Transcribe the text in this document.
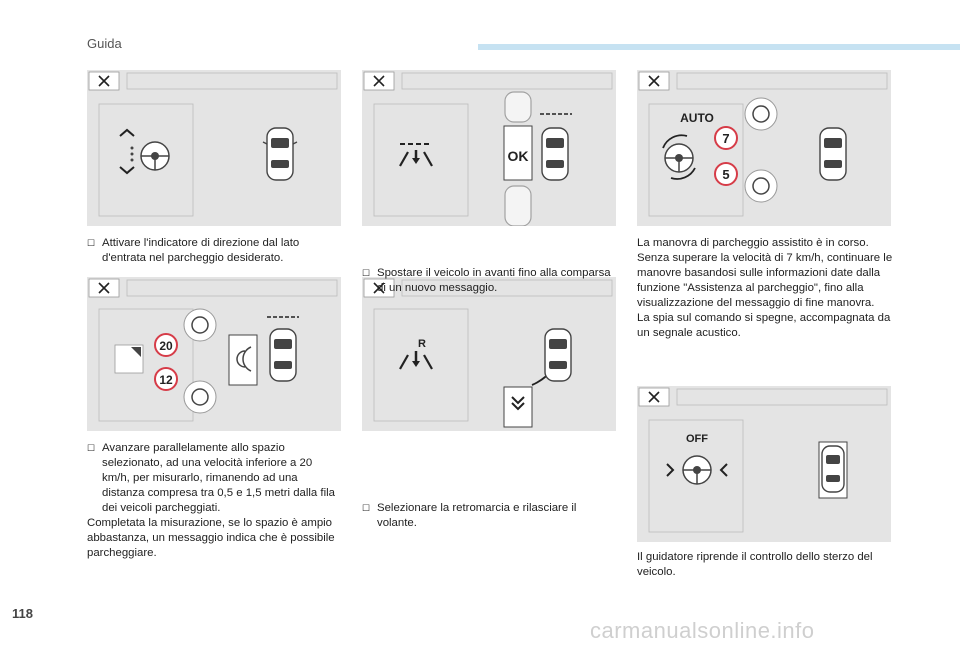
Guida
OK
AUTO
7
5
20
12
R
OFF
☐ Attivare l'indicatore di direzione dal lato d'entrata nel parcheggio desiderato.
☐ Spostare il veicolo in avanti fino alla comparsa di un nuovo messaggio.

La manovra di parcheggio assistito è in corso. Senza superare la velocità di 7 km/h, continuare le manovre basandosi sulle informazioni date dalla funzione "Assistenza al parcheggio", fino alla visualizzazione del messaggio di fine manovra.

La spia sul comando si spegne, accompagnata da un segnale acustico.

☐ Avanzare parallelamente allo spazio selezionato, ad una velocità inferiore a 20 km/h, per misurarlo, rimanendo ad una distanza compresa tra 0,5 e 1,5 metri dalla fila dei veicoli parcheggiati.

Completata la misurazione, se lo spazio è ampio abbastanza, un messaggio indica che è possibile parcheggiare.

☐ Selezionare la retromarcia e rilasciare il volante.

Il guidatore riprende il controllo dello sterzo del veicolo.

118
carmanualsonline.info
